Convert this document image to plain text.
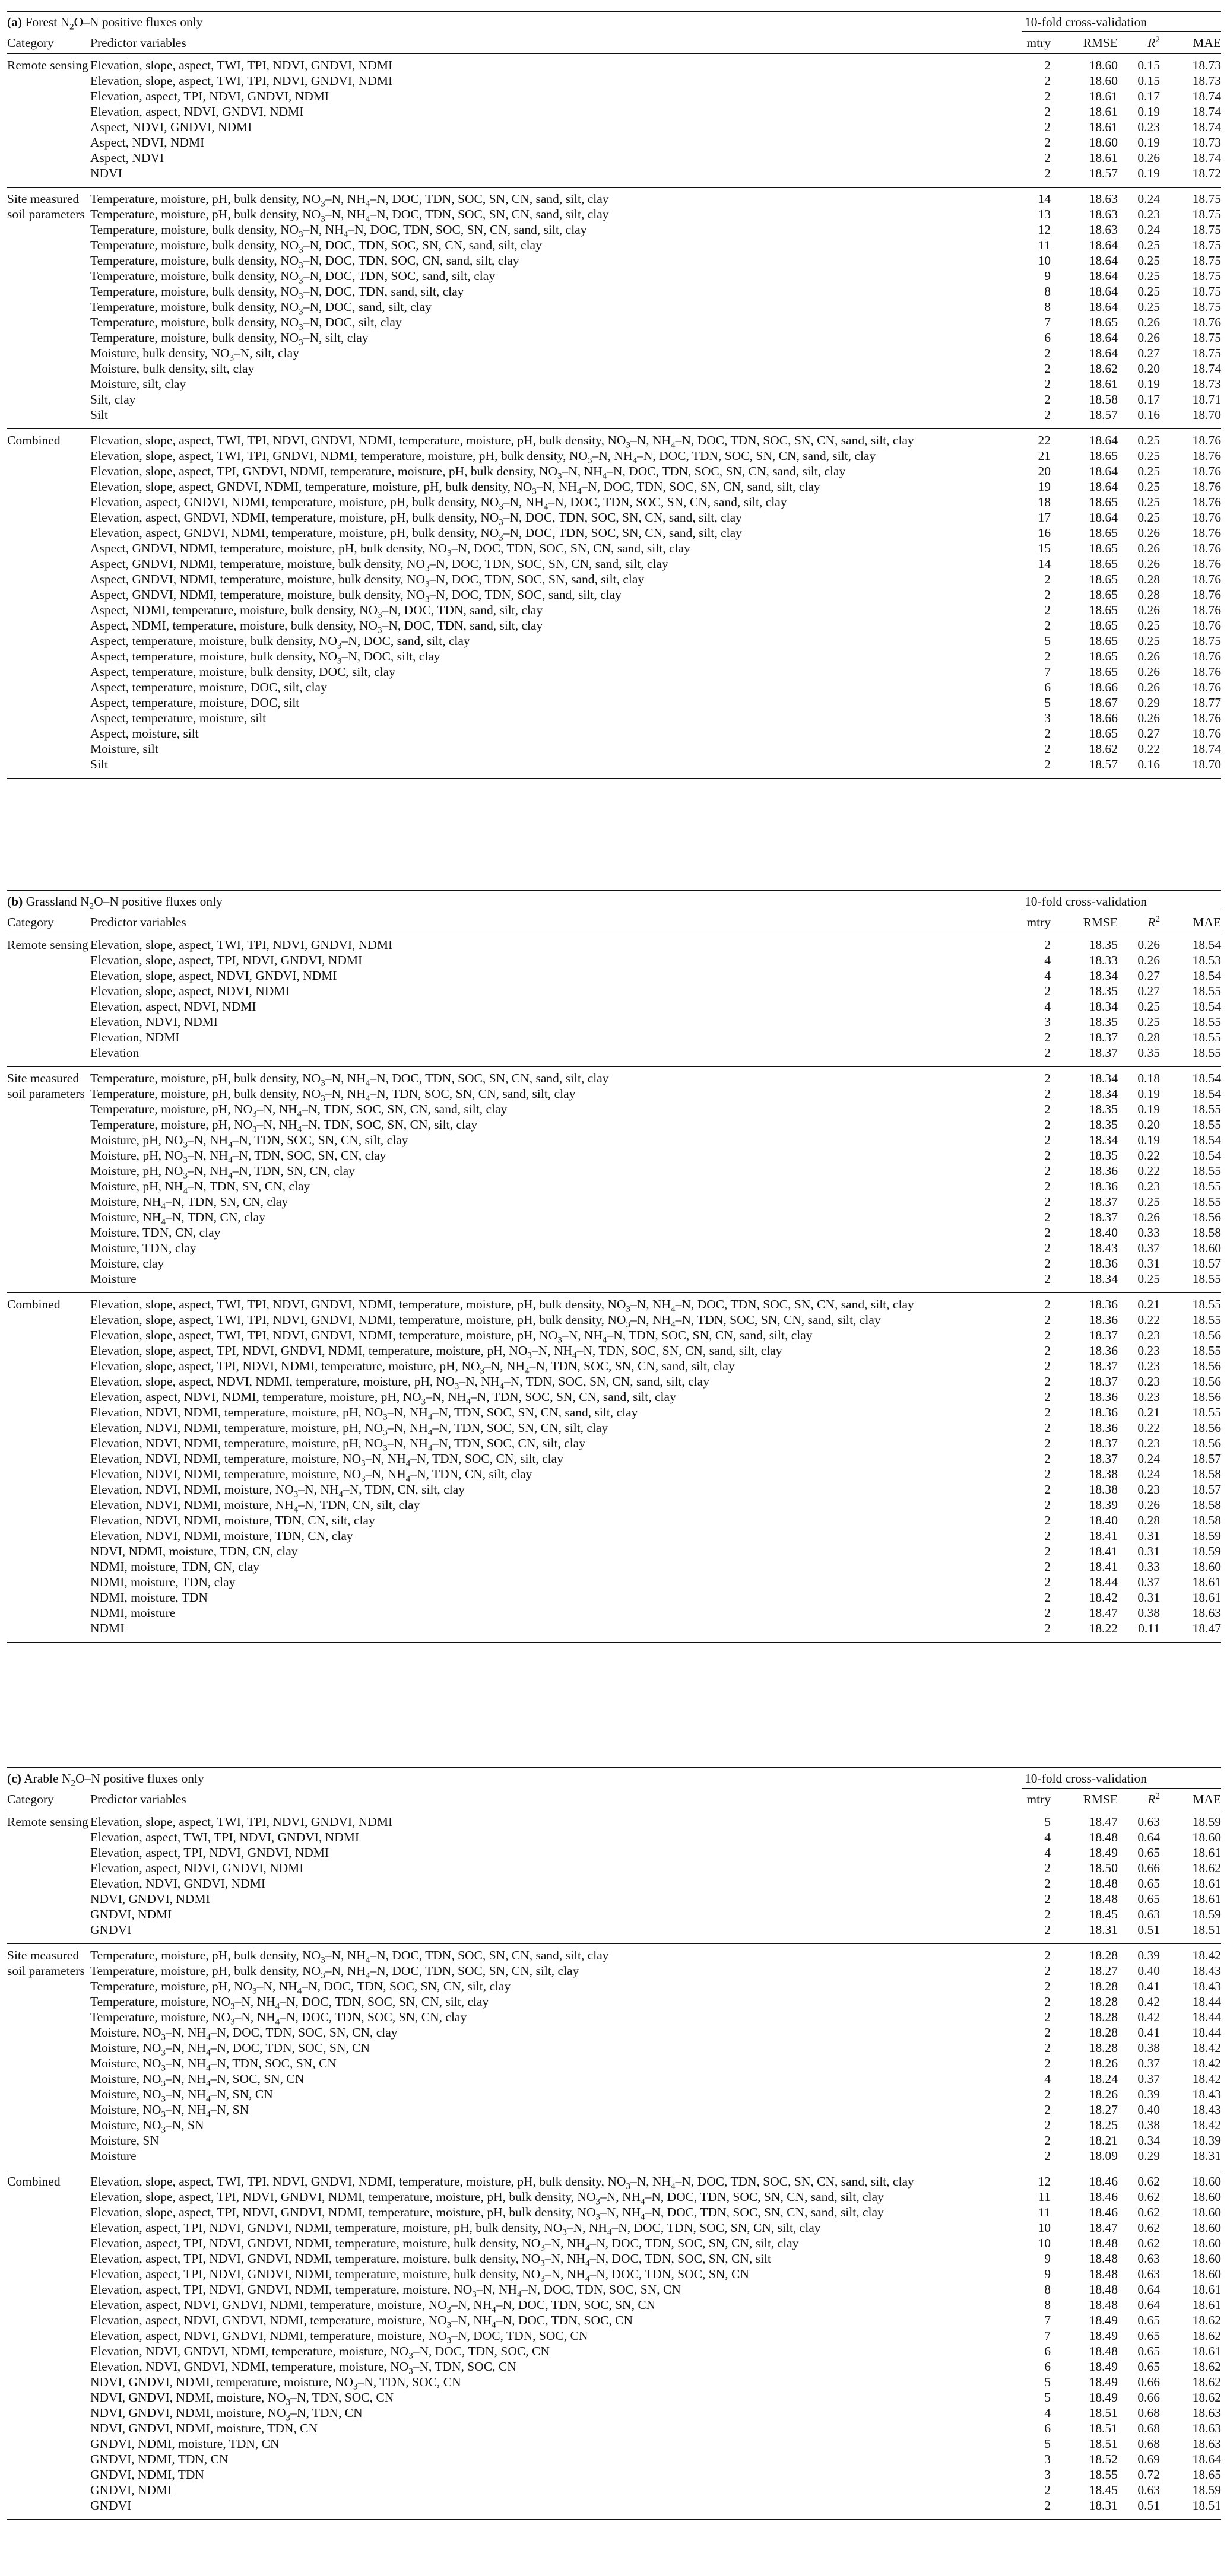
(a) Forest $N_2O-N$ positive fluxes only	10-fold cross-validation
Category	Predictor variables	mtry	RMSE $R^2$	MAE
Remote sensing Elevation, slope, aspect, TWI, TPI, NDVI, GNDVI, NDMI	2	18.60 0.15	18.73
Elevation, slope, aspect, TWI, TPI, NDVI, GNDVI, NDMI	2	18.60 0.15	18.73
Elevation, aspect, TPI, NDVI, GNDVI, NDMI	2	18.61 0.17	18.74
Elevation, aspect, NDVI, GNDVI, NDMI	2	18.61 0.19	18.74
Aspect, NDVI, GNDVI, NDMI	2	18.61 0.23	18.74
Aspect, NDVI, NDMI	2	18.60 0.19	18.73
Aspect, NDVI	2	18.61 0.26	18.74
NDVI	2	18.57 0.19	18.72
Site measured soil parameters
Temperature, moisture, pH, bulk density, $NO_3-N$, $NH_4-N$, DOC, TDN, SOC, SN, CN, sand, silt, clay	14	18.63 0.24	18.75
Temperature, moisture, pH, bulk density, $NO_3-N$, $NH_4-N$, DOC, TDN, SOC, SN, CN, sand, silt, clay	13	18.63 0.23	18.75
Temperature, moisture, bulk density, $NO_3-N$, $NH_4-N$, DOC, TDN, SOC, SN, CN, sand, silt, clay	12	18.63 0.24	18.75
Temperature, moisture, bulk density, $NO_3-N$, DOC, TDN, SOC, SN, CN, sand, silt, clay	11	18.64 0.25	18.75
Temperature, moisture, bulk density, $NO_3-N$, DOC, TDN, SOC, CN, sand, silt, clay	10	18.64 0.25	18.75
Temperature, moisture, bulk density, $NO_3-N$, DOC, TDN, SOC, sand, silt, clay	9	18.64 0.25	18.75
Temperature, moisture, bulk density, $NO_3-N$, DOC, TDN, sand, silt, clay	8	18.64 0.25	18.75
Temperature, moisture, bulk density, $NO_3-N$, DOC, sand, silt, clay	8	18.64 0.25	18.75
Temperature, moisture, bulk density, $NO_3-N$, DOC, silt, clay	7	18.65 0.26	18.76
Temperature, moisture, bulk density, $NO_3-N$, silt, clay	6	18.64 0.26	18.75
Moisture, bulk density, $NO_3-N$, silt, clay	2	18.64 0.27	18.75
Moisture, bulk density, silt, clay	2	18.62 0.20	18.74
Moisture, silt, clay	2	18.61 0.19	18.73
Silt, clay	2	18.58 0.17	18.71
Silt	2	18.57 0.16	18.70
Combined	Elevation, slope, aspect, TWI, TPI, NDVI, GNDVI, NDMI, temperature, moisture, pH, bulk density, $NO_3-N$, $NH_4-N$, DOC, TDN, SOC, SN, CN, sand, silt, clay	22	18.64 0.25	18.76
Elevation, slope, aspect, TWI, TPI, GNDVI, NDMI, temperature, moisture, pH, bulk density, $NO_3-N$, $NH_4-N$, DOC, TDN, SOC, SN, CN, sand, silt, clay	21	18.65 0.25	18.76
Elevation, slope, aspect, TPI, GNDVI, NDMI, temperature, moisture, pH, bulk density, $NO_3-N$, $NH_4-N$, DOC, TDN, SOC, SN, CN, sand, silt, clay	20	18.64 0.25	18.76
Elevation, slope, aspect, GNDVI, NDMI, temperature, moisture, pH, bulk density, $NO_3-N$, $NH_4-N$, DOC, TDN, SOC, SN, CN, sand, silt, clay	19	18.64 0.25	18.76
Elevation, aspect, GNDVI, NDMI, temperature, moisture, pH, bulk density, $NO_3-N$, $NH_4-N$, DOC, TDN, SOC, SN, CN, sand, silt, clay	18	18.65 0.25	18.76
Elevation, aspect, GNDVI, NDMI, temperature, moisture, pH, bulk density, $NO_3-N$, DOC, TDN, SOC, SN, CN, sand, silt, clay	17	18.64 0.25	18.76
Elevation, aspect, GNDVI, NDMI, temperature, moisture, pH, bulk density, $NO_3-N$, DOC, TDN, SOC, SN, CN, sand, silt, clay	16	18.65 0.26	18.76
Aspect, GNDVI, NDMI, temperature, moisture, pH, bulk density, $NO_3-N$, DOC, TDN, SOC, SN, CN, sand, silt, clay	15	18.65 0.26	18.76
Aspect, GNDVI, NDMI, temperature, moisture, bulk density, $NO_3-N$, DOC, TDN, SOC, SN, CN, sand, silt, clay	14	18.65 0.26	18.76
Aspect, GNDVI, NDMI, temperature, moisture, bulk density, $NO_3-N$, DOC, TDN, SOC, SN, sand, silt, clay	2	18.65 0.28	18.76
Aspect, GNDVI, NDMI, temperature, moisture, bulk density, $NO_3-N$, DOC, TDN, SOC, sand, silt, clay	2	18.65 0.28	18.76
Aspect, NDMI, temperature, moisture, bulk density, $NO_3-N$, DOC, TDN, sand, silt, clay	2	18.65 0.26	18.76
Aspect, NDMI, temperature, moisture, bulk density, $NO_3-N$, DOC, TDN, sand, silt, clay	2	18.65 0.25	18.76
Aspect, temperature, moisture, bulk density, $NO_3-N$, DOC, sand, silt, clay	5	18.65 0.25	18.75
Aspect, temperature, moisture, bulk density, $NO_3-N$, DOC, silt, clay	2	18.65 0.26	18.76
Aspect, temperature, moisture, bulk density, DOC, silt, clay	7	18.65 0.26	18.76
Aspect, temperature, moisture, DOC, silt, clay	6	18.66 0.26	18.76
Aspect, temperature, moisture, DOC, silt	5	18.67 0.29	18.77
Aspect, temperature, moisture, silt	3	18.66 0.26	18.76
Aspect, moisture, silt	2	18.65 0.27	18.76
Moisture, silt	2	18.62 0.22	18.74
Silt	2	18.57 0.16	18.70
(b) Grassland $N_2O-N$ positive fluxes only	10-fold cross-validation
Category	Predictor variables	mtry	RMSE $R^2$	MAE
Remote sensing Elevation, slope, aspect, TWI, TPI, NDVI, GNDVI, NDMI	2	18.35 0.26	18.54
Elevation, slope, aspect, TPI, NDVI, GNDVI, NDMI	4	18.33 0.26	18.53
Elevation, slope, aspect, NDVI, GNDVI, NDMI	4	18.34 0.27	18.54
Elevation, slope, aspect, NDVI, NDMI	2	18.35 0.27	18.55
Elevation, aspect, NDVI, NDMI	4	18.34 0.25	18.54
Elevation, NDVI, NDMI	3	18.35 0.25	18.55
Elevation, NDMI	2	18.37 0.28	18.55
Elevation	2	18.37 0.35	18.55
Site measured soil parameters
Temperature, moisture, pH, bulk density, $NO_3-N$, $NH_4-N$, DOC, TDN, SOC, SN, CN, sand, silt, clay	2	18.34 0.18	18.54
Temperature, moisture, pH, bulk density, $NO_3-N$, $NH_4-N$, TDN, SOC, SN, CN, sand, silt, clay	2	18.34 0.19	18.54
Temperature, moisture, pH, $NO_3-N$, $NH_4-N$, TDN, SOC, SN, CN, sand, silt, clay	2	18.35 0.19	18.55
Temperature, moisture, pH, $NO_3-N$, $NH_4-N$, TDN, SOC, SN, CN, silt, clay	2	18.35 0.20	18.55
Moisture, pH, $NO_3-N$, $NH_4-N$, TDN, SOC, SN, CN, silt, clay	2	18.34 0.19	18.54
Moisture, pH, $NO_3-N$, $NH_4-N$, TDN, SOC, SN, CN, clay	2	18.35 0.22	18.54
Moisture, pH, $NO_3-N$, $NH_4-N$, TDN, SN, CN, clay	2	18.36 0.22	18.55
Moisture, pH, $NH_4-N$, TDN, SN, CN, clay	2	18.36 0.23	18.55
Moisture, $NH_4-N$, TDN, SN, CN, clay	2	18.37 0.25	18.55
Moisture, $NH_4-N$, TDN, CN, clay	2	18.37 0.26	18.56
Moisture, TDN, CN, clay	2	18.40 0.33	18.58
Moisture, TDN, clay	2	18.43 0.37	18.60
Moisture, clay	2	18.36 0.31	18.57
Moisture	2	18.34 0.25	18.55
Combined	Elevation, slope, aspect, TWI, TPI, NDVI, GNDVI, NDMI, temperature, moisture, pH, bulk density, $NO_3-N$, $NH_4-N$, DOC, TDN, SOC, SN, CN, sand, silt, clay	2	18.36 0.21	18.55
Elevation, slope, aspect, TWI, TPI, NDVI, GNDVI, NDMI, temperature, moisture, pH, bulk density, $NO_3-N$, $NH_4-N$, TDN, SOC, SN, CN, sand, silt, clay	2	18.36 0.22	18.55
Elevation, slope, aspect, TWI, TPI, NDVI, GNDVI, NDMI, temperature, moisture, pH, $NO_3-N$, $NH_4-N$, TDN, SOC, SN, CN, sand, silt, clay	2	18.37 0.23	18.56
Elevation, slope, aspect, TPI, NDVI, GNDVI, NDMI, temperature, moisture, pH, $NO_3-N$, $NH_4-N$, TDN, SOC, SN, CN, sand, silt, clay	2	18.36 0.23	18.55
Elevation, slope, aspect, TPI, NDVI, NDMI, temperature, moisture, pH, $NO_3-N$, $NH_4-N$, TDN, SOC, SN, CN, sand, silt, clay	2	18.37 0.23	18.56
Elevation, slope, aspect, NDVI, NDMI, temperature, moisture, pH, $NO_3-N$, $NH_4-N$, TDN, SOC, SN, CN, sand, silt, clay	2	18.37 0.23	18.56
Elevation, aspect, NDVI, NDMI, temperature, moisture, pH, $NO_3-N$, $NH_4-N$, TDN, SOC, SN, CN, sand, silt, clay	2	18.36 0.23	18.56
Elevation, NDVI, NDMI, temperature, moisture, pH, $NO_3-N$, $NH_4-N$, TDN, SOC, SN, CN, sand, silt, clay	2	18.36 0.21	18.55
Elevation, NDVI, NDMI, temperature, moisture, pH, $NO_3-N$, $NH_4-N$, TDN, SOC, SN, CN, silt, clay	2	18.36 0.22	18.56
Elevation, NDVI, NDMI, temperature, moisture, pH, $NO_3-N$, $NH_4-N$, TDN, SOC, CN, silt, clay	2	18.37 0.23	18.56
Elevation, NDVI, NDMI, temperature, moisture, $NO_3-N$, $NH_4-N$, TDN, SOC, CN, silt, clay	2	18.37 0.24	18.57
Elevation, NDVI, NDMI, temperature, moisture, $NO_3-N$, $NH_4-N$, TDN, CN, silt, clay	2	18.38 0.24	18.58
Elevation, NDVI, NDMI, moisture, $NO_3-N$, $NH_4-N$, TDN, CN, silt, clay	2	18.38 0.23	18.57
Elevation, NDVI, NDMI, moisture, $NH_4-N$, TDN, CN, silt, clay	2	18.39 0.26	18.58
Elevation, NDVI, NDMI, moisture, TDN, CN, silt, clay	2	18.40 0.28	18.58
Elevation, NDVI, NDMI, moisture, TDN, CN, clay	2	18.41 0.31	18.59
NDVI, NDMI, moisture, TDN, CN, clay	2	18.41 0.31	18.59
NDMI, moisture, TDN, CN, clay	2	18.41 0.33	18.60
NDMI, moisture, TDN, clay	2	18.44 0.37	18.61
NDMI, moisture, TDN	2	18.42 0.31	18.61
NDMI, moisture	2	18.47 0.38	18.63
NDMI	2	18.22 0.11	18.47
(c) Arable $N_2O-N$ positive fluxes only	10-fold cross-validation
Category	Predictor variables	mtry	RMSE $R^2$	MAE
Remote sensing Elevation, slope, aspect, TWI, TPI, NDVI, GNDVI, NDMI	5	18.47 0.63	18.59
Elevation, aspect, TWI, TPI, NDVI, GNDVI, NDMI	4	18.48 0.64	18.60
Elevation, aspect, TPI, NDVI, GNDVI, NDMI	4	18.49 0.65	18.61
Elevation, aspect, NDVI, GNDVI, NDMI	2	18.50 0.66	18.62
Elevation, NDVI, GNDVI, NDMI	2	18.48 0.65	18.61
NDVI, GNDVI, NDMI	2	18.48 0.65	18.61
GNDVI, NDMI	2	18.45 0.63	18.59
GNDVI	2	18.31 0.51	18.51
Site measured soil parameters
Temperature, moisture, pH, bulk density, $NO_3-N$, $NH_4-N$, DOC, TDN, SOC, SN, CN, sand, silt, clay	2	18.28 0.39	18.42
Temperature, moisture, pH, bulk density, $NO_3-N$, $NH_4-N$, DOC, TDN, SOC, SN, CN, silt, clay	2	18.27 0.40	18.43
Temperature, moisture, pH, $NO_3-N$, $NH_4-N$, DOC, TDN, SOC, SN, CN, silt, clay	2	18.28 0.41	18.43
Temperature, moisture, $NO_3-N$, $NH_4-N$, DOC, TDN, SOC, SN, CN, silt, clay	2	18.28 0.42	18.44
Temperature, moisture, $NO_3-N$, $NH_4-N$, DOC, TDN, SOC, SN, CN, clay	2	18.28 0.42	18.44
Moisture, $NO_3-N$, $NH_4-N$, DOC, TDN, SOC, SN, CN, clay	2	18.28 0.41	18.44
Moisture, $NO_3-N$, $NH_4-N$, DOC, TDN, SOC, SN, CN	2	18.28 0.38	18.42
Moisture, $NO_3-N$, $NH_4-N$, TDN, SOC, SN, CN	2	18.26 0.37	18.42
Moisture, $NO_3-N$, $NH_4-N$, SOC, SN, CN	4	18.24 0.37	18.42
Moisture, $NO_3-N$, $NH_4-N$, SN, CN	2	18.26 0.39	18.43
Moisture, $NO_3-N$, $NH_4-N$, SN	2	18.27 0.40	18.43
Moisture, $NO_3-N$, SN	2	18.25 0.38	18.42
Moisture, SN	2	18.21 0.34	18.39
Moisture	2	18.09 0.29	18.31
Combined	Elevation, slope, aspect, TWI, TPI, NDVI, GNDVI, NDMI, temperature, moisture, pH, bulk density, $NO_3-N$, $NH_4-N$, DOC, TDN, SOC, SN, CN, sand, silt, clay	12	18.46 0.62	18.60
Elevation, slope, aspect, TPI, NDVI, GNDVI, NDMI, temperature, moisture, pH, bulk density, $NO_3-N$, $NH_4-N$, DOC, TDN, SOC, SN, CN, sand, silt, clay	11	18.46 0.62	18.60
Elevation, slope, aspect, TPI, NDVI, GNDVI, NDMI, temperature, moisture, pH, bulk density, $NO_3-N$, $NH_4-N$, DOC, TDN, SOC, SN, CN, sand, silt, clay	11	18.46 0.62	18.60
Elevation, aspect, TPI, NDVI, GNDVI, NDMI, temperature, moisture, pH, bulk density, $NO_3-N$, $NH_4-N$, DOC, TDN, SOC, SN, CN, silt, clay	10	18.47 0.62	18.60
Elevation, aspect, TPI, NDVI, GNDVI, NDMI, temperature, moisture, bulk density, $NO_3-N$, $NH_4-N$, DOC, TDN, SOC, SN, CN, silt, clay	10	18.48 0.62	18.60
Elevation, aspect, TPI, NDVI, GNDVI, NDMI, temperature, moisture, bulk density, $NO_3-N$, $NH_4-N$, DOC, TDN, SOC, SN, CN, silt	9	18.48 0.63	18.60
Elevation, aspect, TPI, NDVI, GNDVI, NDMI, temperature, moisture, bulk density, $NO_3-N$, $NH_4-N$, DOC, TDN, SOC, SN, CN	9	18.48 0.63	18.60
Elevation, aspect, TPI, NDVI, GNDVI, NDMI, temperature, moisture, $NO_3-N$, $NH_4-N$, DOC, TDN, SOC, SN, CN	8	18.48 0.64	18.61
Elevation, aspect, NDVI, GNDVI, NDMI, temperature, moisture, $NO_3-N$, $NH_4-N$, DOC, TDN, SOC, SN, CN	8	18.48 0.64	18.61
Elevation, aspect, NDVI, GNDVI, NDMI, temperature, moisture, $NO_3-N$, $NH_4-N$, DOC, TDN, SOC, CN	7	18.49 0.65	18.62
Elevation, aspect, NDVI, GNDVI, NDMI, temperature, moisture, $NO_3-N$, DOC, TDN, SOC, CN	7	18.49 0.65	18.62
Elevation, NDVI, GNDVI, NDMI, temperature, moisture, $NO_3-N$, DOC, TDN, SOC, CN	6	18.48 0.65	18.61
Elevation, NDVI, GNDVI, NDMI, temperature, moisture, $NO_3-N$, TDN, SOC, CN	6	18.49 0.65	18.62
NDVI, GNDVI, NDMI, temperature, moisture, $NO_3-N$, TDN, SOC, CN	5	18.49 0.66	18.62
NDVI, GNDVI, NDMI, moisture, $NO_3-N$, TDN, SOC, CN	5	18.49 0.66	18.62
NDVI, GNDVI, NDMI, moisture, $NO_3-N$, TDN, CN	4	18.51 0.68	18.63
NDVI, GNDVI, NDMI, moisture, TDN, CN	6	18.51 0.68	18.63
GNDVI, NDMI, moisture, TDN, CN	5	18.51 0.68	18.63
GNDVI, NDMI, TDN, CN	3	18.52 0.69	18.64
GNDVI, NDMI, TDN	3	18.55 0.72	18.65
GNDVI, NDMI	2	18.45 0.63	18.59
GNDVI	2	18.31 0.51	18.51
